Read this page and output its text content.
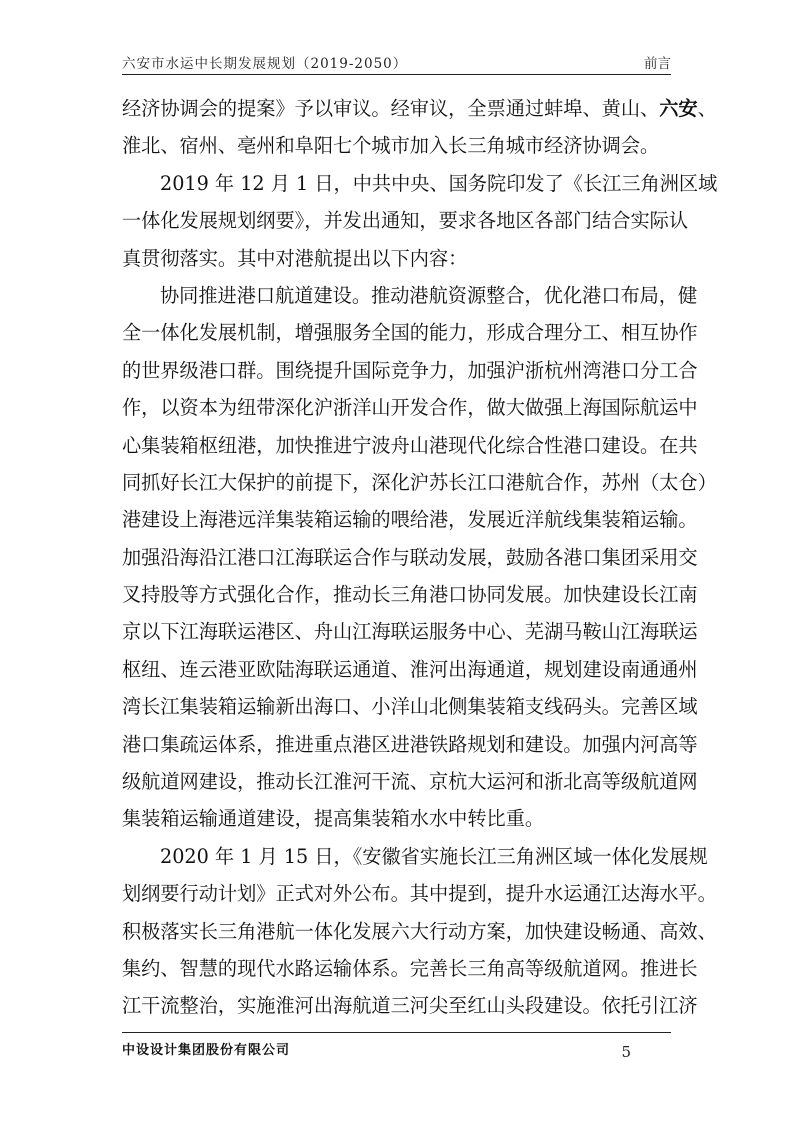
六安市水运中长期发展规划（2019-2050）	前言
经济协调会的提案》予以审议。经审议，全票通过蚌埠、黄山、六安、
淮北、宿州、亳州和阜阳七个城市加入长三角城市经济协调会。
2019 年 12 月 1 日，中共中央、国务院印发了《长江三角洲区域
一体化发展规划纲要》，并发出通知，要求各地区各部门结合实际认
真贯彻落实。其中对港航提出以下内容：
协同推进港口航道建设。推动港航资源整合，优化港口布局，健
全一体化发展机制，增强服务全国的能力，形成合理分工、相互协作
的世界级港口群。围绕提升国际竞争力，加强沪浙杭州湾港口分工合
作，以资本为纽带深化沪浙洋山开发合作，做大做强上海国际航运中
心集装箱枢纽港，加快推进宁波舟山港现代化综合性港口建设。在共
同抓好长江大保护的前提下，深化沪苏长江口港航合作，苏州（太仓）
港建设上海港远洋集装箱运输的喂给港，发展近洋航线集装箱运输。
加强沿海沿江港口江海联运合作与联动发展，鼓励各港口集团采用交
叉持股等方式强化合作，推动长三角港口协同发展。加快建设长江南
京以下江海联运港区、舟山江海联运服务中心、芜湖马鞍山江海联运
枢纽、连云港亚欧陆海联运通道、淮河出海通道，规划建设南通通州
湾长江集装箱运输新出海口、小洋山北侧集装箱支线码头。完善区域
港口集疏运体系，推进重点港区进港铁路规划和建设。加强内河高等
级航道网建设，推动长江淮河干流、京杭大运河和浙北高等级航道网
集装箱运输通道建设，提高集装箱水水中转比重。
2020 年 1 月 15 日，《安徽省实施长江三角洲区域一体化发展规
划纲要行动计划》正式对外公布。其中提到，提升水运通江达海水平。
积极落实长三角港航一体化发展六大行动方案，加快建设畅通、高效、
集约、智慧的现代水路运输体系。完善长三角高等级航道网。推进长
江干流整治，实施淮河出海航道三河尖至红山头段建设。依托引江济
中设设计集团股份有限公司	5
